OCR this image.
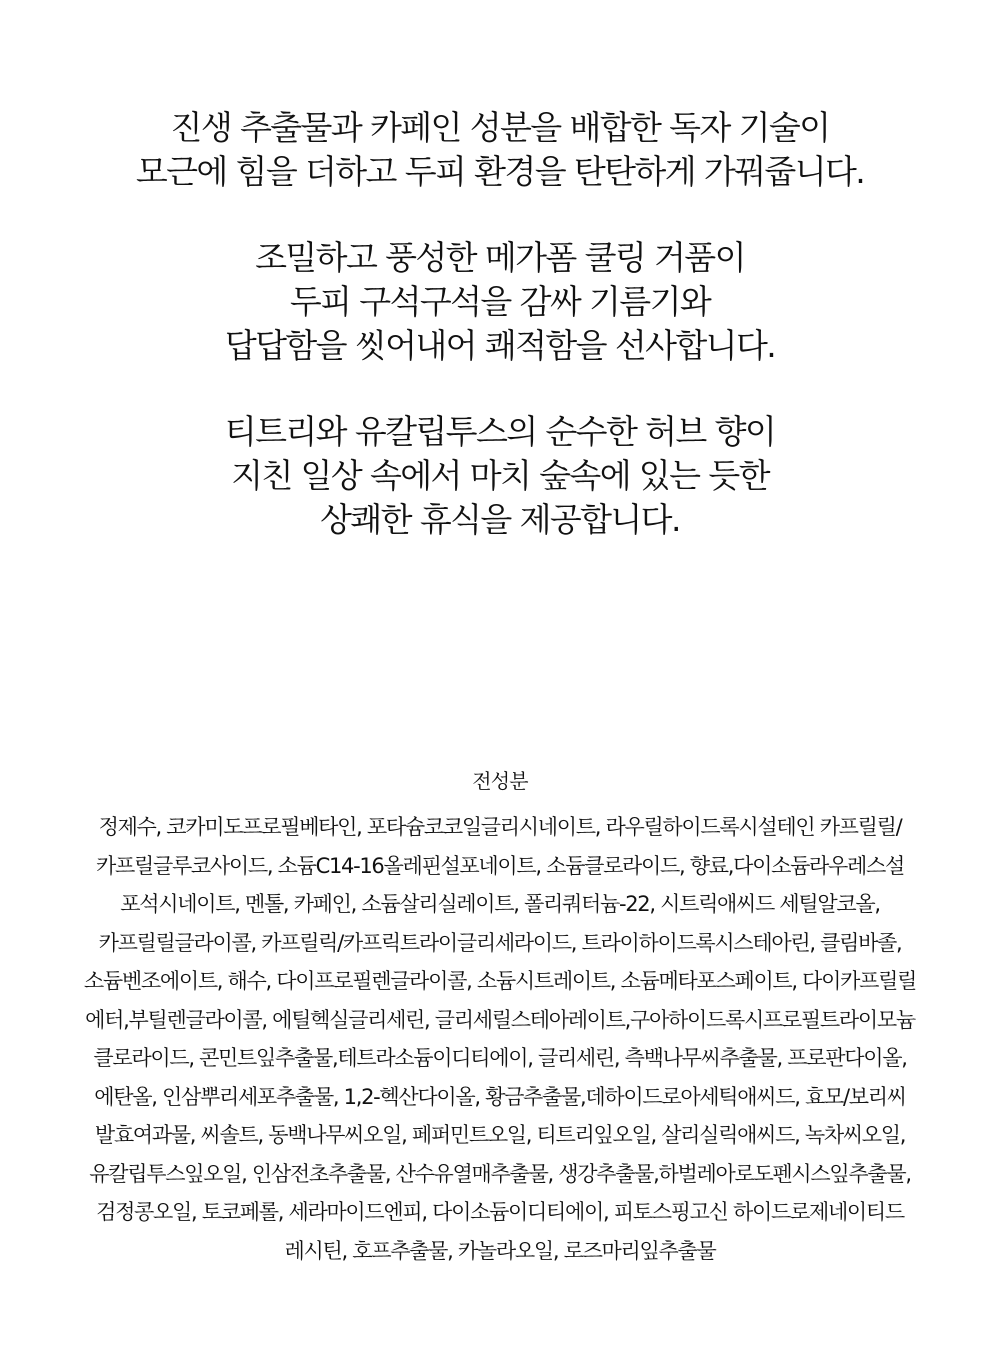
진생 추출물과 카페인 성분을 배합한 독자 기술이
모근에 힘을 더하고 두피 환경을 탄탄하게 가꿔줍니다.

조밀하고 풍성한 메가폼 쿨링 거품이
두피 구석구석을 감싸 기름기와
답답함을 씻어내어 쾌적함을 선사합니다.

티트리와 유칼립투스의 순수한 허브 향이
지친 일상 속에서 마치 숲속에 있는 듯한
상쾌한 휴식을 제공합니다.

전성분
정제수, 코카미도프로필베타인, 포타슘코코일글리시네이트, 라우릴하이드록시설테인 카프릴릴/
카프릴글루코사이드, 소듐C14-16올레핀설포네이트, 소듐클로라이드, 향료,다이소듐라우레스설
포석시네이트, 멘톨, 카페인, 소듐살리실레이트, 폴리쿼터늄-22, 시트릭애씨드 세틸알코올,
카프릴릴글라이콜, 카프릴릭/카프릭트라이글리세라이드, 트라이하이드록시스테아린, 클림바졸,
소듐벤조에이트, 해수, 다이프로필렌글라이콜, 소듐시트레이트, 소듐메타포스페이트, 다이카프릴릴
에터,부틸렌글라이콜, 에틸헥실글리세린, 글리세릴스테아레이트,구아하이드록시프로필트라이모늄
클로라이드, 콘민트잎추출물,테트라소듐이디티에이, 글리세린, 측백나무씨추출물, 프로판다이올,
에탄올, 인삼뿌리세포추출물, 1,2-헥산다이올, 황금추출물,데하이드로아세틱애씨드, 효모/보리씨
발효여과물, 씨솔트, 동백나무씨오일, 페퍼민트오일, 티트리잎오일, 살리실릭애씨드, 녹차씨오일,
유칼립투스잎오일, 인삼전초추출물, 산수유열매추출물, 생강추출물,하벌레아로도펜시스잎추출물,
검정콩오일, 토코페롤, 세라마이드엔피, 다이소듐이디티에이, 피토스핑고신 하이드로제네이티드
레시틴, 호프추출물, 카놀라오일, 로즈마리잎추출물
